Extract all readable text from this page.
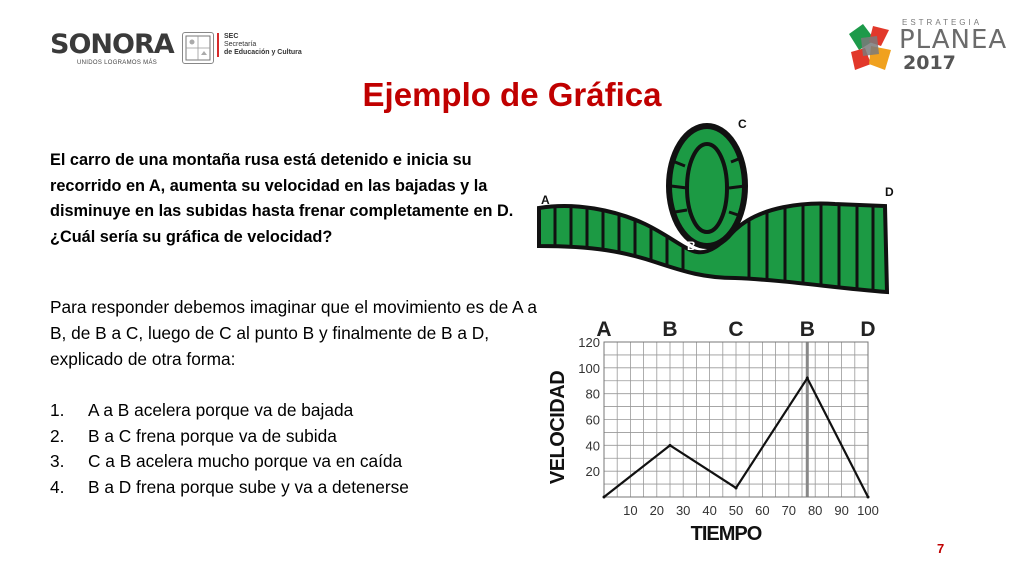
SONORA
UNIDOS LOGRAMOS MÁS
SEC
Secretaría
de Educación y Cultura
ESTRATEGIA
PLANEA
2017
Ejemplo de Gráfica
El carro de una montaña rusa está detenido e inicia su recorrido en A, aumenta su velocidad en las bajadas y la disminuye en las subidas hasta frenar completamente en D. ¿Cuál sería su gráfica de velocidad?
Para responder debemos imaginar que el movimiento es de A a B, de B a C, luego de C al punto B y finalmente de B a D, explicado de otra forma:
1. A a B acelera porque va de bajada
2. B a C frena porque va de subida
3. C a B acelera mucho porque va en caída
4. B a D frena porque sube y va a detenerse
A
B
C
D
20
40
60
80
100
120
10 20 30 40 50 60 70 80 90 100
A B C	B D
TIEMPO
VELOCIDAD
7
